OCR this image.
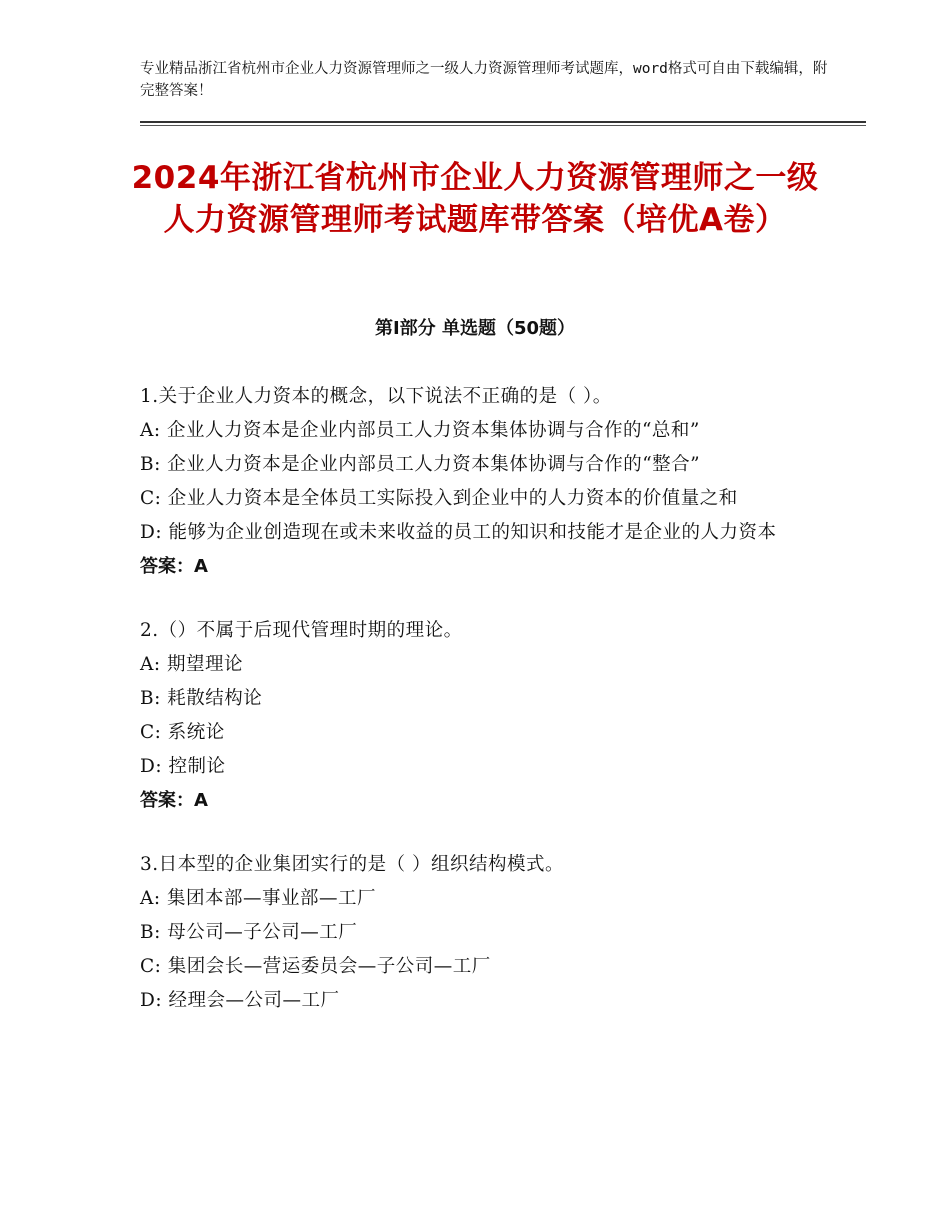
专业精品浙江省杭州市企业人力资源管理师之一级人力资源管理师考试题库，word格式可自由下载编辑，附完整答案！
2024年浙江省杭州市企业人力资源管理师之一级人力资源管理师考试题库带答案（培优A卷）
第Ⅰ部分 单选题（50题）
1.关于企业人力资本的概念，以下说法不正确的是（ ）。
A: 企业人力资本是企业内部员工人力资本集体协调与合作的“总和”
B: 企业人力资本是企业内部员工人力资本集体协调与合作的“整合”
C: 企业人力资本是全体员工实际投入到企业中的人力资本的价值量之和
D: 能够为企业创造现在或未来收益的员工的知识和技能才是企业的人力资本
答案：A
2.（）不属于后现代管理时期的理论。
A: 期望理论
B: 耗散结构论
C: 系统论
D: 控制论
答案：A
3.日本型的企业集团实行的是（ ）组织结构模式。
A: 集团本部—事业部—工厂
B: 母公司—子公司—工厂
C: 集团会长—营运委员会—子公司—工厂
D: 经理会—公司—工厂
